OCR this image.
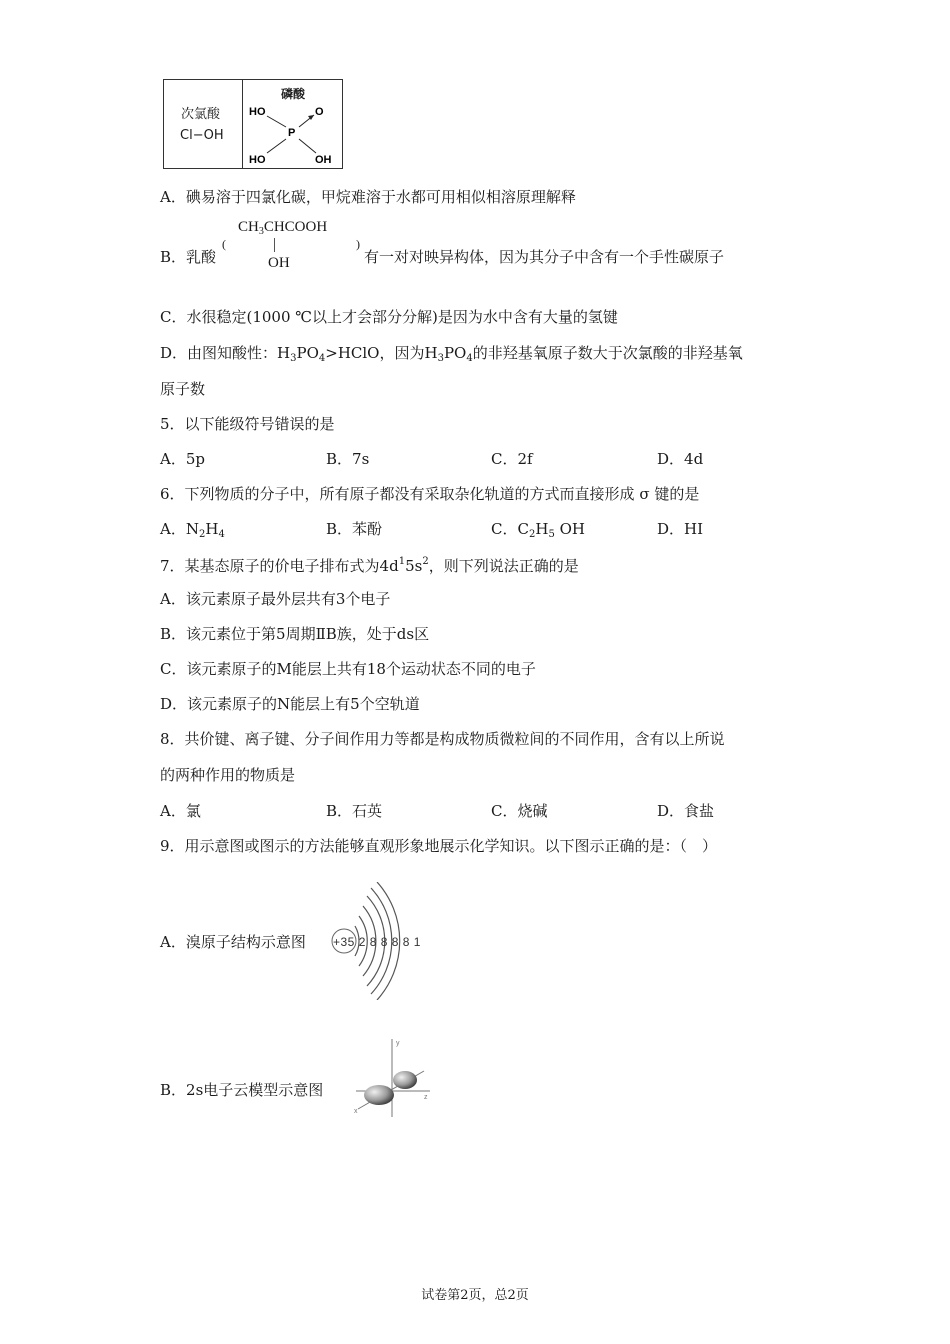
次氯酸
Cl−OH
磷酸
HO	O
P
HO	OH
A．碘易溶于四氯化碳，甲烷难溶于水都可用相似相溶原理解释
B．乳酸
(
$CH_3CHCOOH$
OH
)
有一对对映异构体，因为其分子中含有一个手性碳原子
C．水很稳定(1000 ℃以上才会部分分解)是因为水中含有大量的氢键
D．由图知酸性：$H_3PO_4>HClO$，因为$H_3PO_4$的非羟基氧原子数大于次氯酸的非羟基氧
原子数
5．以下能级符号错误的是
A．5p	B．7s	C．2f	D．4d
6．下列物质的分子中，所有原子都没有采取杂化轨道的方式而直接形成 σ 键的是
A．$N_2H_4$	B．苯酚	C．$C_2H_5$ OH	D．HI
7．某基态原子的价电子排布式为$4d^15s^2$，则下列说法正确的是
A．该元素原子最外层共有3个电子
B．该元素位于第5周期ⅡB族，处于ds区
C．该元素原子的M能层上共有18个运动状态不同的电子
D．该元素原子的N能层上有5个空轨道
8．共价键、离子键、分子间作用力等都是构成物质微粒间的不同作用，含有以上所说
的两种作用的物质是
A．氯	B．石英	C．烧碱	D．食盐
9．用示意图或图示的方法能够直观形象地展示化学知识。以下图示正确的是：（　）
A．溴原子结构示意图 +35 2 8 8 8 8 1
B．2s电子云模型示意图
y
x
z
试卷第2页，总2页
